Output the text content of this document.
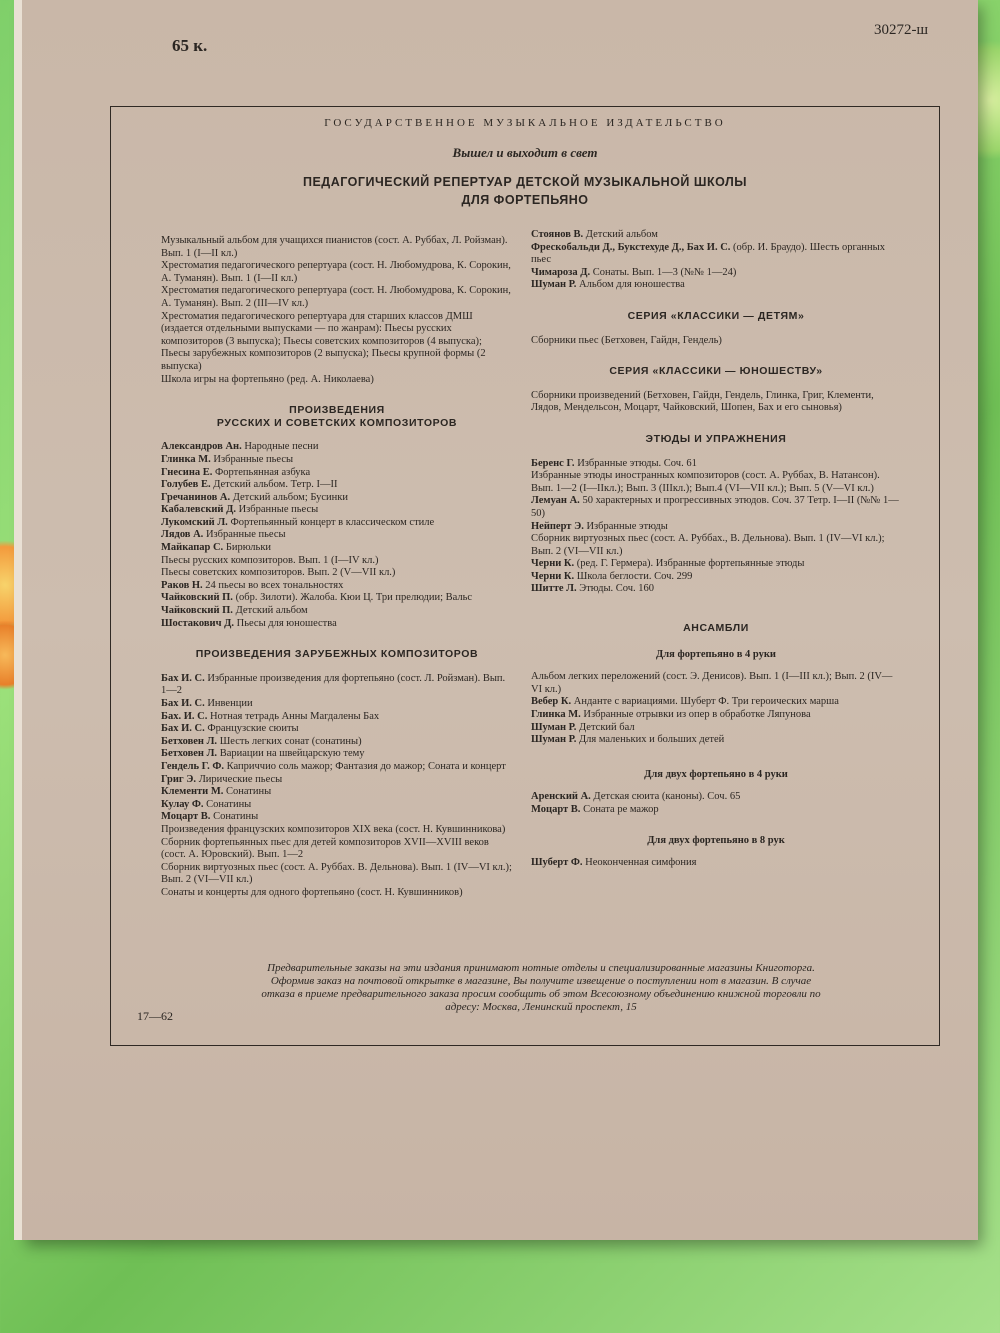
65 к.
30272-ш
ГОСУДАРСТВЕННОЕ МУЗЫКАЛЬНОЕ ИЗДАТЕЛЬСТВО
Вышел и выходит в свет
ПЕДАГОГИЧЕСКИЙ РЕПЕРТУАР ДЕТСКОЙ МУЗЫКАЛЬНОЙ ШКОЛЫ
ДЛЯ ФОРТЕПЬЯНО
Музыкальный альбом для учащихся пианистов (сост. А. Руббах, Л. Ройзман). Вып. 1 (I—II кл.)
Хрестоматия педагогического репертуара (сост. Н. Любомудрова, К. Сорокин, А. Туманян). Вып. 1 (I—II кл.)
Хрестоматия педагогического репертуара (сост. Н. Любомудрова, К. Сорокин, А. Туманян). Вып. 2 (III—IV кл.)
Хрестоматия педагогического репертуара для старших классов ДМШ (издается отдельными выпусками — по жанрам): Пьесы русских композиторов (3 выпуска); Пьесы советских композиторов (4 выпуска); Пьесы зарубежных композиторов (2 выпуска); Пьесы крупной формы (2 выпуска)
Школа игры на фортепьяно (ред. А. Николаева)
ПРОИЗВЕДЕНИЯ
РУССКИХ И СОВЕТСКИХ КОМПОЗИТОРОВ
Александров Ан. Народные песни
Глинка М. Избранные пьесы
Гнесина Е. Фортепьянная азбука
Голубев Е. Детский альбом. Тетр. I—II
Гречанинов А. Детский альбом; Бусинки
Кабалевский Д. Избранные пьесы
Лукомский Л. Фортепьянный концерт в классическом стиле
Лядов А. Избранные пьесы
Майкапар С. Бирюльки
Пьесы русских композиторов. Вып. 1 (I—IV кл.)
Пьесы советских композиторов. Вып. 2 (V—VII кл.)
Раков Н. 24 пьесы во всех тональностях
Чайковский П. (обр. Зилоти). Жалоба. Кюи Ц. Три прелюдии; Вальс
Чайковский П. Детский альбом
Шостакович Д. Пьесы для юношества
ПРОИЗВЕДЕНИЯ ЗАРУБЕЖНЫХ КОМПОЗИТОРОВ
Бах И. С. Избранные произведения для фортепьяно (сост. Л. Ройзман). Вып. 1—2
Бах И. С. Инвенции
Бах. И. С. Нотная тетрадь Анны Магдалены Бах
Бах И. С. Французские сюиты
Бетховен Л. Шесть легких сонат (сонатины)
Бетховен Л. Вариации на швейцарскую тему
Гендель Г. Ф. Каприччио соль мажор; Фантазия до мажор; Соната и концерт
Григ Э. Лирические пьесы
Клементи М. Сонатины
Кулау Ф. Сонатины
Моцарт В. Сонатины
Произведения французских композиторов XIX века (сост. Н. Кувшинникова)
Сборник фортепьянных пьес для детей композиторов XVII—XVIII веков (сост. А. Юровский). Вып. 1—2
Сборник виртуозных пьес (сост. А. Руббах. В. Дельнова). Вып. 1 (IV—VI кл.); Вып. 2 (VI—VII кл.)
Сонаты и концерты для одного фортепьяно (сост. Н. Кувшинников)
Стоянов В. Детский альбом
Фрескобальди Д., Букстехуде Д., Бах И. С. (обр. И. Браудо). Шесть органных пьес
Чимароза Д. Сонаты. Вып. 1—3 (№№ 1—24)
Шуман Р. Альбом для юношества
СЕРИЯ «КЛАССИКИ — ДЕТЯМ»
Сборники пьес (Бетховен, Гайдн, Гендель)
СЕРИЯ «КЛАССИКИ — ЮНОШЕСТВУ»
Сборники произведений (Бетховен, Гайдн, Гендель, Глинка, Григ, Клементи, Лядов, Мендельсон, Моцарт, Чайковский, Шопен, Бах и его сыновья)
ЭТЮДЫ И УПРАЖНЕНИЯ
Беренс Г. Избранные этюды. Соч. 61
Избранные этюды иностранных композиторов (сост. А. Руббах, В. Натансон). Вып. 1—2 (I—IIкл.); Вып. 3 (IIIкл.); Вып.4 (VI—VII кл.); Вып. 5 (V—VI кл.)
Лемуан А. 50 характерных и прогрессивных этюдов. Соч. 37 Тетр. I—II (№№ 1—50)
Нейперт Э. Избранные этюды
Сборник виртуозных пьес (сост. А. Руббах., В. Дельнова). Вып. 1 (IV—VI кл.); Вып. 2 (VI—VII кл.)
Черни К. (ред. Г. Гермера). Избранные фортепьянные этюды
Черни К. Школа беглости. Соч. 299
Шитте Л. Этюды. Соч. 160
АНСАМБЛИ
Для фортепьяно в 4 руки
Альбом легких переложений (сост. Э. Денисов). Вып. 1 (I—III кл.); Вып. 2 (IV—VI кл.)
Вебер К. Анданте с вариациями. Шуберт Ф. Три героических марша
Глинка М. Избранные отрывки из опер в обработке Ляпунова
Шуман Р. Детский бал
Шуман Р. Для маленьких и больших детей
Для двух фортепьяно в 4 руки
Аренский А. Детская сюита (каноны). Соч. 65
Моцарт В. Соната ре мажор
Для двух фортепьяно в 8 рук
Шуберт Ф. Неоконченная симфония
Предварительные заказы на эти издания принимают нотные отделы и специализированные магазины Книготорга. Оформив заказ на почтовой открытке в магазине, Вы получите извещение о поступлении нот в магазин. В случае отказа в приеме предварительного заказа просим сообщить об этом Всесоюзному объединению книжной торговли по адресу: Москва, Ленинский проспект, 15
17—62
